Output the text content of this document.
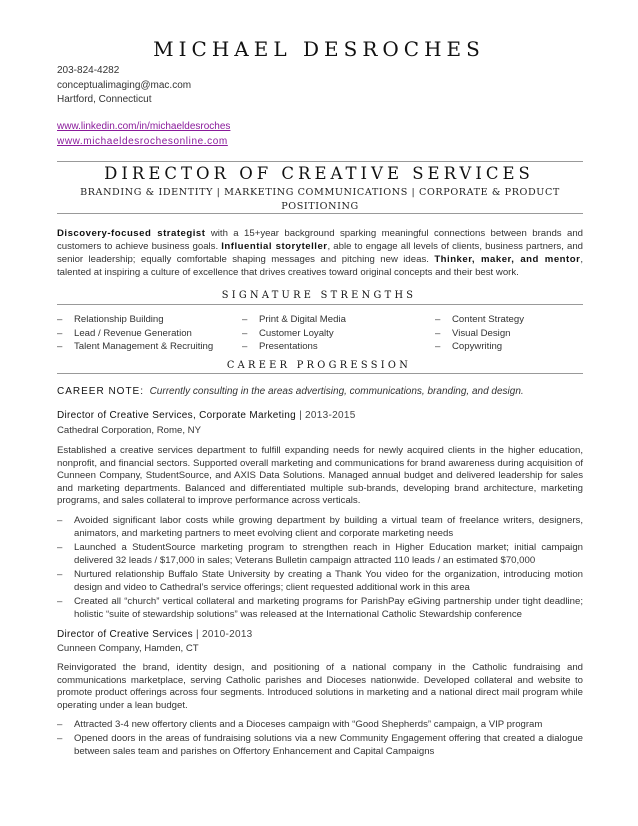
MICHAEL DESROCHES
203-824-4282
conceptualimaging@mac.com
Hartford, Connecticut
www.linkedin.com/in/michaeldesroches
www.michaeldesrochesonline.com
DIRECTOR OF CREATIVE SERVICES
BRANDING & IDENTITY | MARKETING COMMUNICATIONS | CORPORATE & PRODUCT POSITIONING
Discovery-focused strategist with a 15+year background sparking meaningful connections between brands and customers to achieve business goals. Influential storyteller, able to engage all levels of clients, business partners, and senior leadership; equally comfortable shaping messages and pitching new ideas. Thinker, maker, and mentor, talented at inspiring a culture of excellence that drives creatives toward original concepts and their best work.
SIGNATURE STRENGTHS
– Relationship Building
– Lead / Revenue Generation
– Talent Management & Recruiting
– Print & Digital Media
– Customer Loyalty
– Presentations
– Content Strategy
– Visual Design
– Copywriting
CAREER PROGRESSION
CAREER NOTE: Currently consulting in the areas advertising, communications, branding, and design.
Director of Creative Services, Corporate Marketing | 2013-2015
Cathedral Corporation, Rome, NY
Established a creative services department to fulfill expanding needs for newly acquired clients in the higher education, nonprofit, and financial sectors. Supported overall marketing and communications for brand awareness during acquisition of Cunneen Company, StudentSource, and AXIS Data Solutions. Managed annual budget and delivered leadership for sales and marketing departments. Balanced and differentiated multiple sub-brands, developing brand architecture, marketing programs, and sales collateral to improve performance across verticals.
– Avoided significant labor costs while growing department by building a virtual team of freelance writers, designers, animators, and marketing partners to meet evolving client and corporate marketing needs
– Launched a StudentSource marketing program to strengthen reach in Higher Education market; initial campaign delivered 32 leads / $17,000 in sales; Veterans Bulletin campaign attracted 110 leads / an estimated $70,000
– Nurtured relationship Buffalo State University by creating a Thank You video for the organization, introducing motion design and video to Cathedral’s service offerings; client requested additional work in this area
– Created all “church” vertical collateral and marketing programs for ParishPay eGiving partnership under tight deadline; holistic “suite of stewardship solutions” was released at the International Catholic Stewardship conference
Director of Creative Services | 2010-2013
Cunneen Company, Hamden, CT
Reinvigorated the brand, identity design, and positioning of a national company in the Catholic fundraising and communications marketplace, serving Catholic parishes and Dioceses nationwide. Developed collateral and website to promote product offerings across four segments. Introduced solutions in marketing and a national direct mail program while operating under a lean budget.
– Attracted 3-4 new offertory clients and a Dioceses campaign with “Good Shepherds” campaign, a VIP program
– Opened doors in the areas of fundraising solutions via a new Community Engagement offering that created a dialogue between sales team and parishes on Offertory Enhancement and Capital Campaigns
